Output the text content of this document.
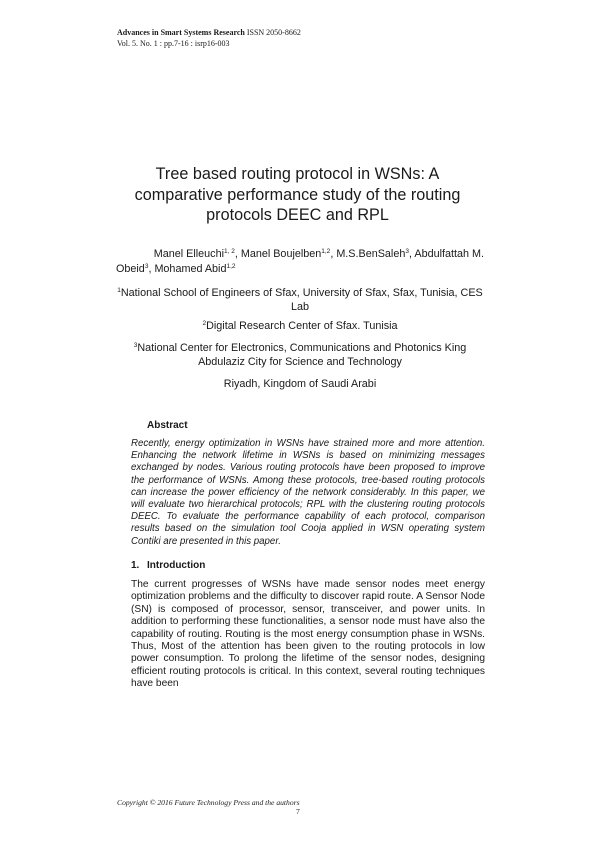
Advances in Smart Systems Research ISSN 2050-8662
Vol. 5. No. 1 : pp.7-16 : isrp16-003
Tree based routing protocol in WSNs: A comparative performance study of the routing protocols DEEC and RPL
Manel Elleuchi$^{1, 2}$, Manel Boujelben$^{1,2}$, M.S.BenSaleh$^3$, Abdulfattah M.
Obeid$^3$, Mohamed Abid$^{1,2}$
$^1$National School of Engineers of Sfax, University of Sfax, Sfax, Tunisia, CES Lab
$^2$Digital Research Center of Sfax. Tunisia
$^3$National Center for Electronics, Communications and Photonics King Abdulaziz City for Science and Technology
Riyadh, Kingdom of Saudi Arabi
Abstract
Recently, energy optimization in WSNs have strained more and more attention. Enhancing the network lifetime in WSNs is based on minimizing messages exchanged by nodes. Various routing protocols have been proposed to improve the performance of WSNs. Among these protocols, tree-based routing protocols can increase the power efficiency of the network considerably. In this paper, we will evaluate two hierarchical protocols; RPL with the clustering routing protocols DEEC. To evaluate the performance capability of each protocol, comparison results based on the simulation tool Cooja applied in WSN operating system Contiki are presented in this paper.
1. Introduction
The current progresses of WSNs have made sensor nodes meet energy optimization problems and the difficulty to discover rapid route. A Sensor Node (SN) is composed of processor, sensor, transceiver, and power units. In addition to performing these functionalities, a sensor node must have also the capability of routing. Routing is the most energy consumption phase in WSNs. Thus, Most of the attention has been given to the routing protocols in low power consumption. To prolong the lifetime of the sensor nodes, designing efficient routing protocols is critical. In this context, several routing techniques have been
Copyright © 2016 Future Technology Press and the authors
7
